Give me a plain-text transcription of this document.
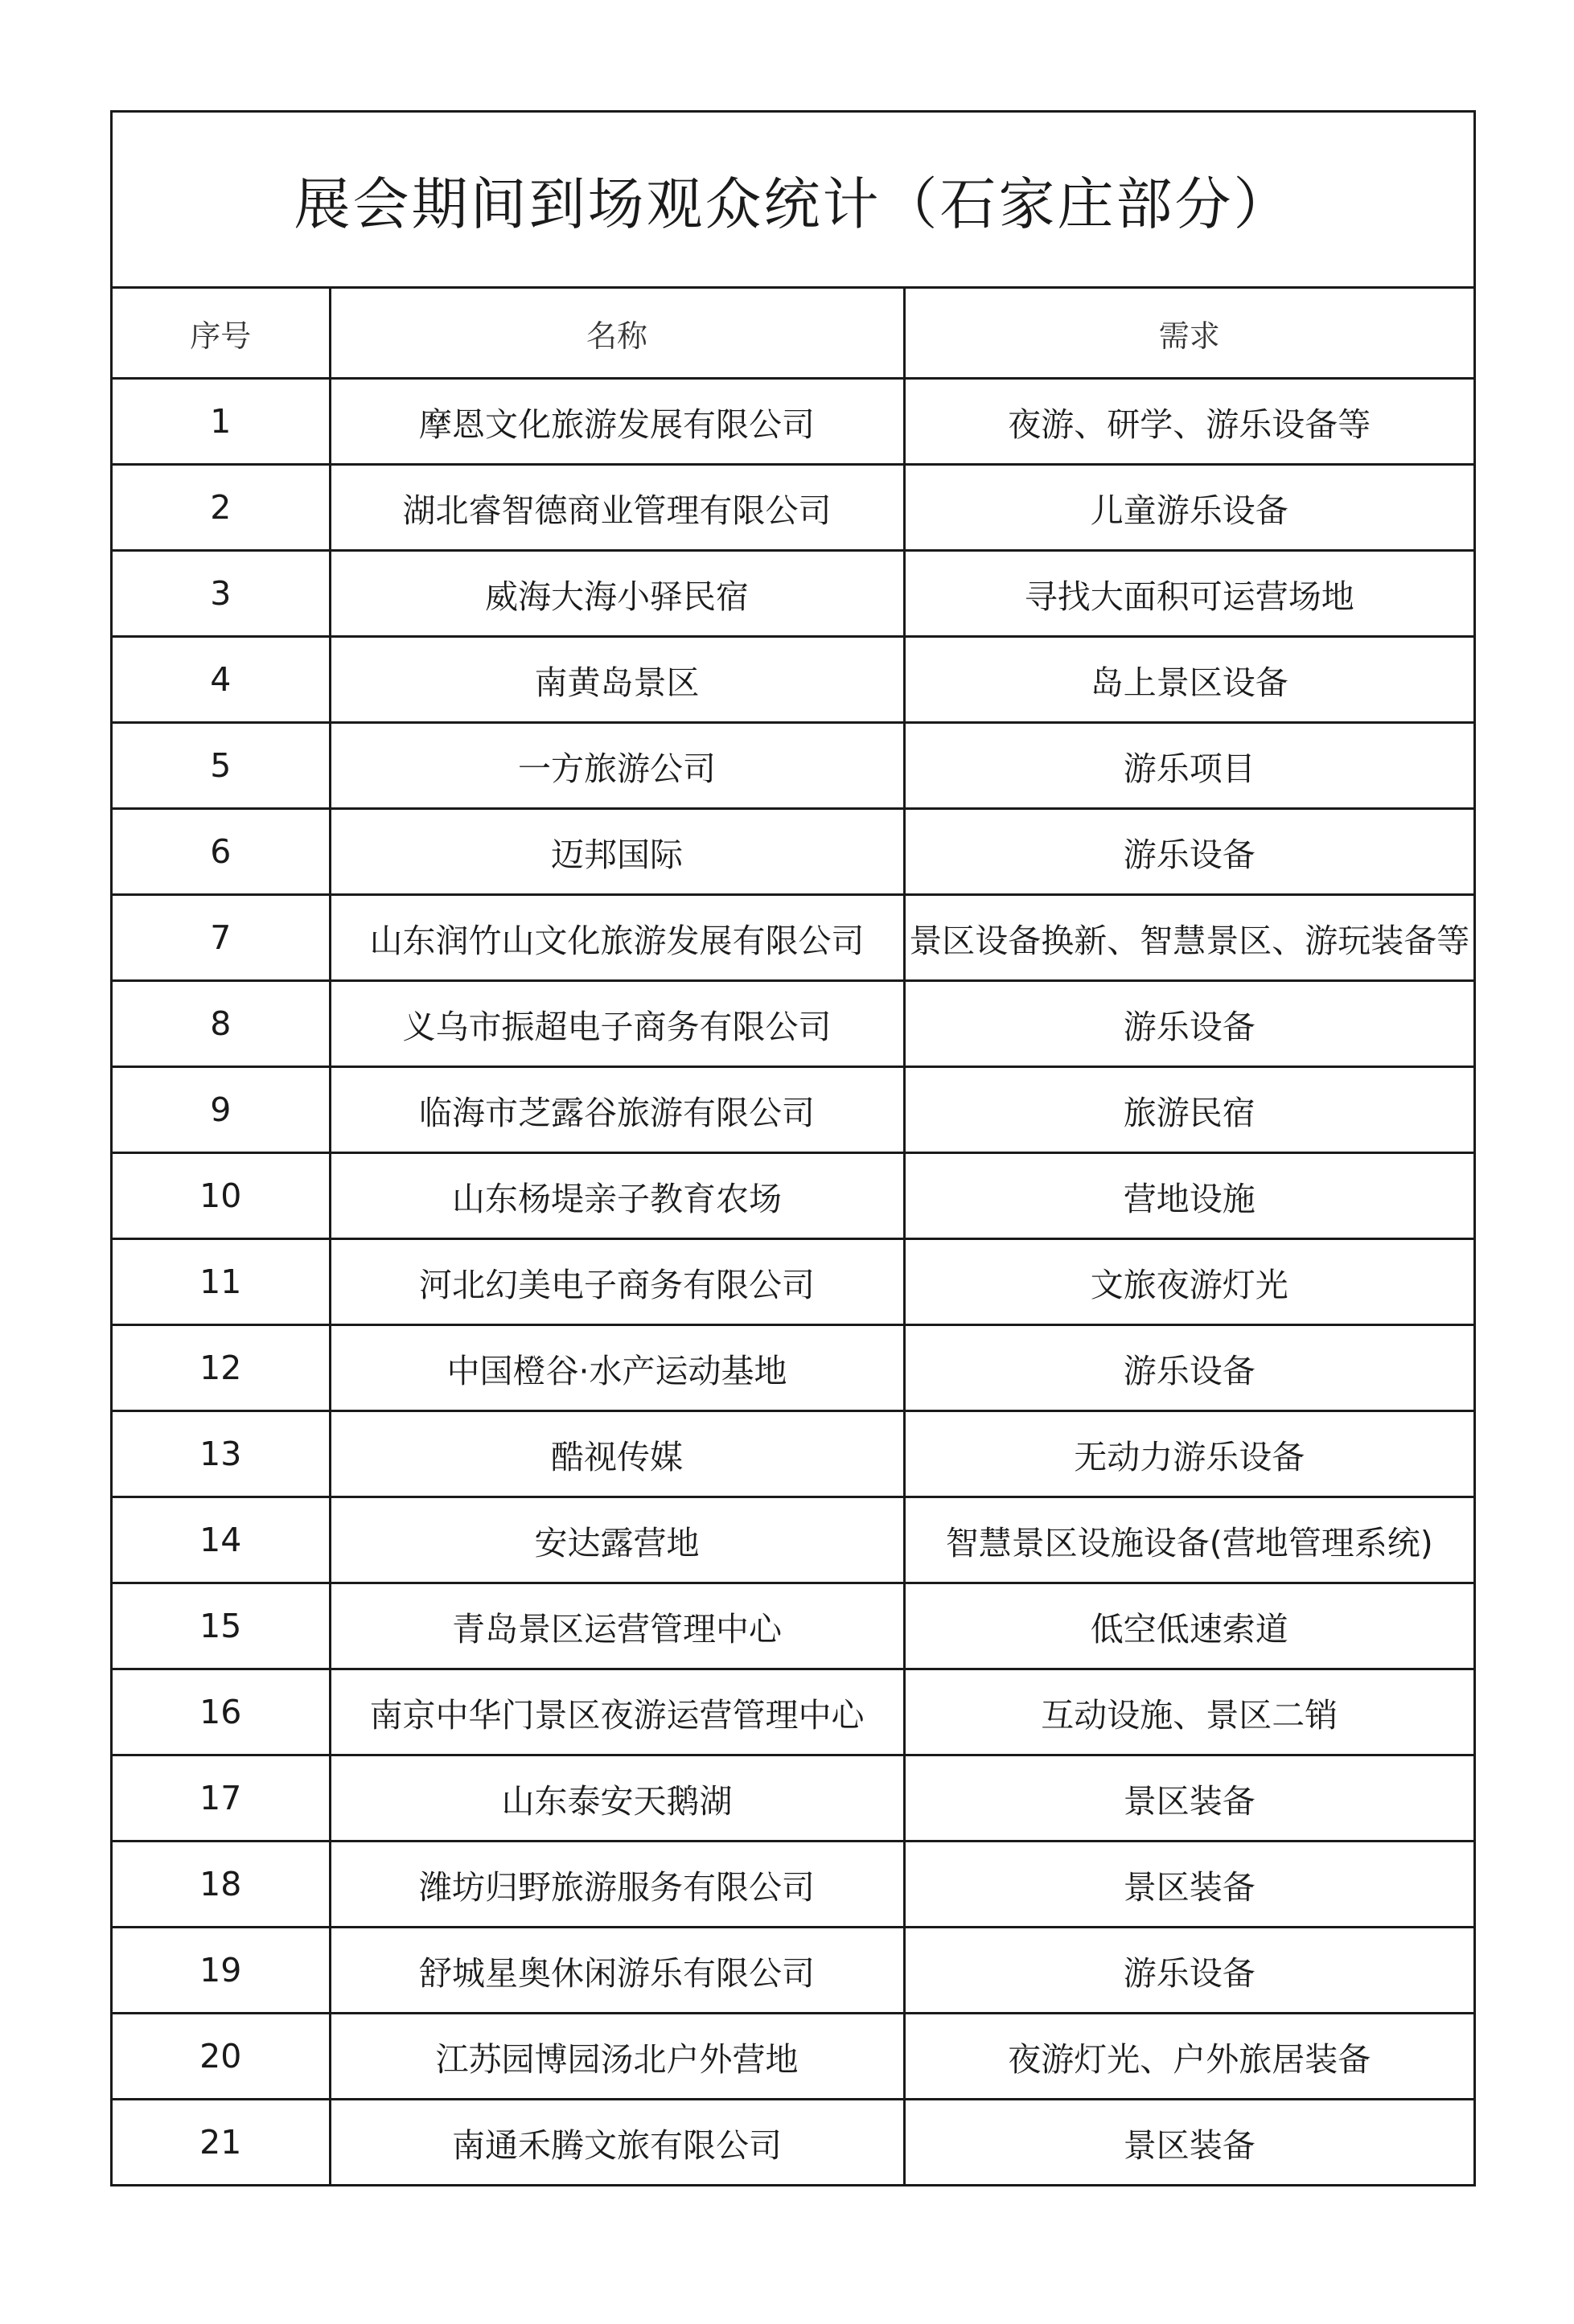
展会期间到场观众统计（石家庄部分）
序号	名称	需求
1	摩恩文化旅游发展有限公司	夜游、研学、游乐设备等
2	湖北睿智德商业管理有限公司	儿童游乐设备
3	威海大海小驿民宿	寻找大面积可运营场地
4	南黄岛景区	岛上景区设备
5	一方旅游公司	游乐项目
6	迈邦国际	游乐设备
7	山东润竹山文化旅游发展有限公司	景区设备换新、智慧景区、游玩装备等
8	义乌市振超电子商务有限公司	游乐设备
9	临海市芝露谷旅游有限公司	旅游民宿
10	山东杨堤亲子教育农场	营地设施
11	河北幻美电子商务有限公司	文旅夜游灯光
12	中国橙谷·水产运动基地	游乐设备
13	酷视传媒	无动力游乐设备
14	安达露营地	智慧景区设施设备(营地管理系统)
15	青岛景区运营管理中心	低空低速索道
16	南京中华门景区夜游运营管理中心	互动设施、景区二销
17	山东泰安天鹅湖	景区装备
18	潍坊归野旅游服务有限公司	景区装备
19	舒城星奥休闲游乐有限公司	游乐设备
20	江苏园博园汤北户外营地	夜游灯光、户外旅居装备
21	南通禾腾文旅有限公司	景区装备
